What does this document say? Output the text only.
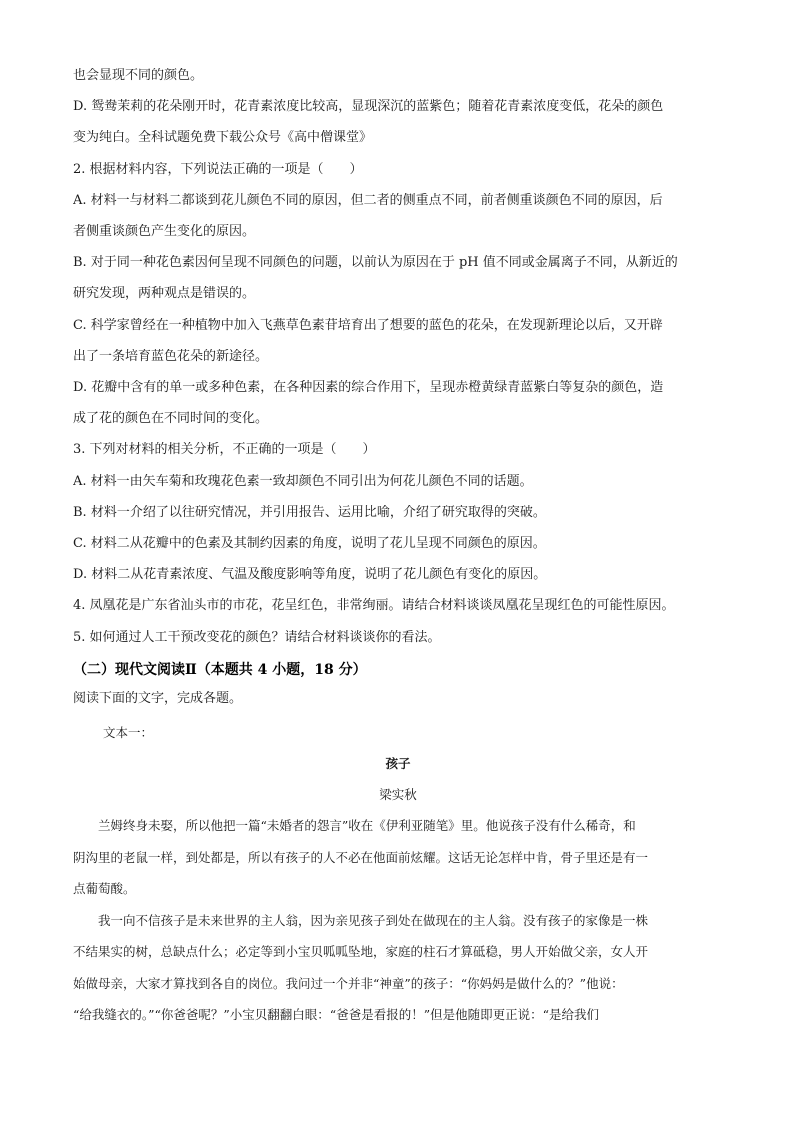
也会显现不同的颜色。
D. 鸳鸯茉莉的花朵刚开时，花青素浓度比较高，显现深沉的蓝紫色；随着花青素浓度变低，花朵的颜色
变为纯白。全科试题免费下载公众号《高中僧课堂》
2. 根据材料内容，下列说法正确的一项是（　　）
A. 材料一与材料二都谈到花儿颜色不同的原因，但二者的侧重点不同，前者侧重谈颜色不同的原因，后
者侧重谈颜色产生变化的原因。
B. 对于同一种花色素因何呈现不同颜色的问题，以前认为原因在于 pH 值不同或金属离子不同，从新近的
研究发现，两种观点是错误的。
C. 科学家曾经在一种植物中加入飞燕草色素苷培育出了想要的蓝色的花朵，在发现新理论以后，又开辟
出了一条培育蓝色花朵的新途径。
D. 花瓣中含有的单一或多种色素，在各种因素的综合作用下，呈现赤橙黄绿青蓝紫白等复杂的颜色，造
成了花的颜色在不同时间的变化。
3. 下列对材料的相关分析，不正确的一项是（　　）
A. 材料一由矢车菊和玫瑰花色素一致却颜色不同引出为何花儿颜色不同的话题。
B. 材料一介绍了以往研究情况，并引用报告、运用比喻，介绍了研究取得的突破。
C. 材料二从花瓣中的色素及其制约因素的角度，说明了花儿呈现不同颜色的原因。
D. 材料二从花青素浓度、气温及酸度影响等角度，说明了花儿颜色有变化的原因。
4. 凤凰花是广东省汕头市的市花，花呈红色，非常绚丽。请结合材料谈谈凤凰花呈现红色的可能性原因。
5. 如何通过人工干预改变花的颜色？请结合材料谈谈你的看法。
（二）现代文阅读Ⅱ（本题共 4 小题，18 分）
阅读下面的文字，完成各题。
文本一：
孩子
梁实秋
　　兰姆终身未娶，所以他把一篇“未婚者的怨言”收在《伊利亚随笔》里。他说孩子没有什么稀奇，和
阴沟里的老鼠一样，到处都是，所以有孩子的人不必在他面前炫耀。这话无论怎样中肯，骨子里还是有一
点葡萄酸。
　　我一向不信孩子是未来世界的主人翁，因为亲见孩子到处在做现在的主人翁。没有孩子的家像是一株
不结果实的树，总缺点什么；必定等到小宝贝呱呱坠地，家庭的柱石才算砥稳，男人开始做父亲，女人开
始做母亲，大家才算找到各自的岗位。我问过一个并非“神童”的孩子：“你妈妈是做什么的？”他说：
“给我缝衣的。”“你爸爸呢？”小宝贝翻翻白眼：“爸爸是看报的！”但是他随即更正说：“是给我们
